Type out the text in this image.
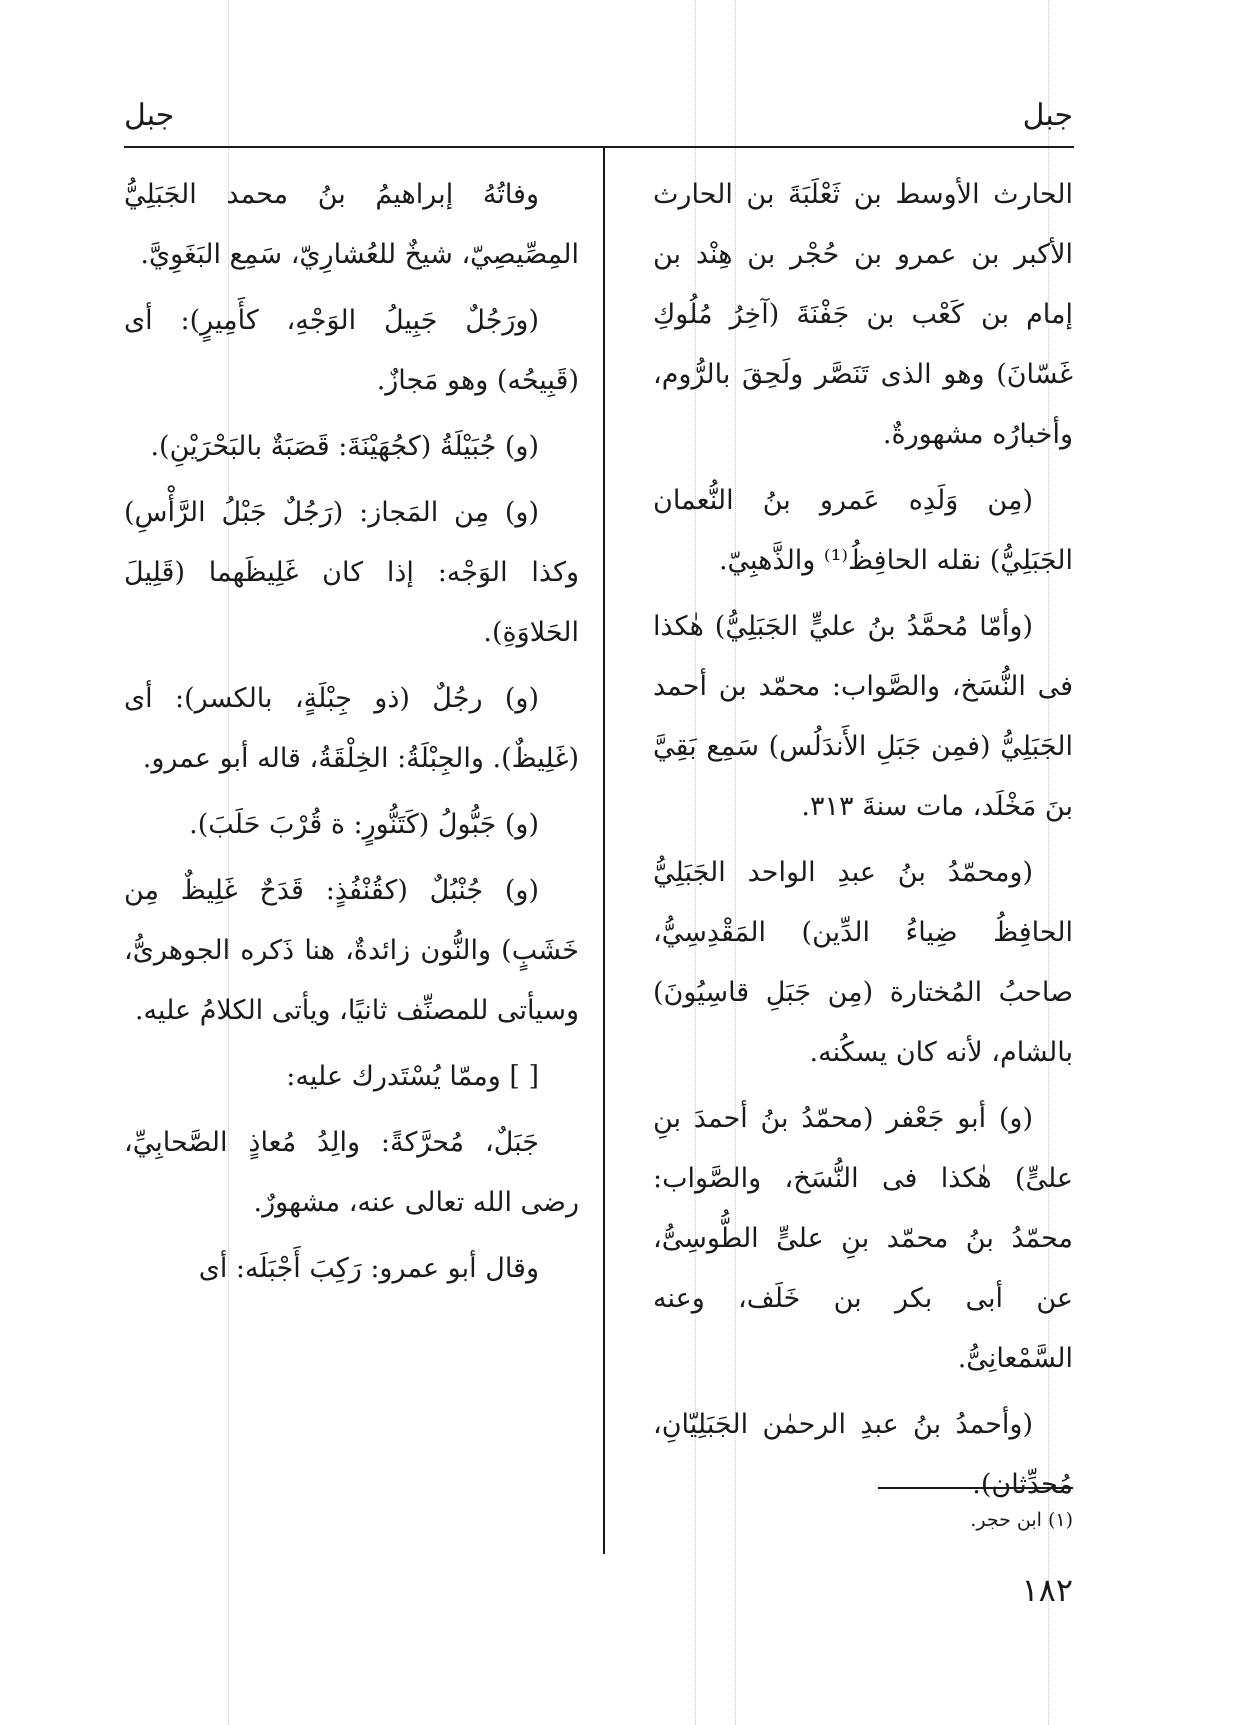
جبل
جبل

الحارث الأوسط بن ثَعْلَبَةَ بن الحارث الأكبر بن عمرو بن حُجْر بن هِنْد بن إمام بن كَعْب بن جَفْنَةَ (آخِرُ مُلُوكِ غَسّانَ) وهو الذى تَنَصَّر ولَحِقَ بالرُّوم، وأخبارُه مشهورةٌ.

(مِن وَلَدِه عَمرو بنُ النُّعمان الجَبَلِيُّ) نقله الحافِظُ⁽¹⁾ والذَّهبِيّ.

(وأمّا مُحمَّدُ بنُ عليٍّ الجَبَلِيُّ) هٰكذا فى النُّسَخ، والصَّواب: محمّد بن أحمد الجَبَلِيُّ (فمِن جَبَلِ الأَندَلُس) سَمِع بَقِيَّ بنَ مَخْلَد، مات سنةَ ٣١٣.

(ومحمّدُ بنُ عبدِ الواحد الجَبَلِيُّ الحافِظُ ضِياءُ الدِّين) المَقْدِسِيُّ، صاحبُ المُختارة (مِن جَبَلِ قاسِيُونَ) بالشام، لأنه كان يسكُنه.

(و) أبو جَعْفر (محمّدُ بنُ أحمدَ بنِ علىٍّ) هٰكذا فى النُّسَخ، والصَّواب: محمّدُ بنُ محمّد بنِ علىٍّ الطُّوسِىُّ، عن أبى بكر بن خَلَف، وعنه السَّمْعانِىُّ.

(وأحمدُ بنُ عبدِ الرحمٰن الجَبَلِيّانِ، مُحدِّثان).

وفاتُهُ إبراهيمُ بنُ محمد الجَبَلِيُّ المِصِّيصِيّ، شيخٌ للعُشارِيّ، سَمِع البَغَوِيَّ.

(ورَجُلٌ جَبِيلُ الوَجْهِ، كأَمِيرٍ): أى (قَبِيحُه) وهو مَجازٌ.

(و) جُبَيْلَةُ (كجُهَيْنَةَ: قَصَبَةٌ بالبَحْرَيْنِ).

(و) مِن المَجاز: (رَجُلٌ جَبْلُ الرَّأْسِ) وكذا الوَجْه: إذا كان غَلِيظَهما (قَلِيلَ الحَلاوَةِ).

(و) رجُلٌ (ذو جِبْلَةٍ، بالكسر): أى (غَلِيظٌ). والجِبْلَةُ: الخِلْقَةُ، قاله أبو عمرو.

(و) جَبُّولُ (كَتَنُّورٍ: ة قُرْبَ حَلَبَ).

(و) جُنْبُلٌ (كقُنْفُذٍ: قَدَحٌ غَلِيظٌ مِن خَشَبٍ) والنُّون زائدةٌ، هنا ذَكره الجوهرىُّ، وسيأتى للمصنِّف ثانيًا، ويأتى الكلامُ عليه.

[ ] وممّا يُسْتَدرك عليه:

جَبَلٌ، مُحرَّكةً: والِدُ مُعاذٍ الصَّحابِيِّ، رضى الله تعالى عنه، مشهورٌ.

وقال أبو عمرو: رَكِبَ أَجْبَلَه: أى

(١) ابن حجر.
١٨٢
